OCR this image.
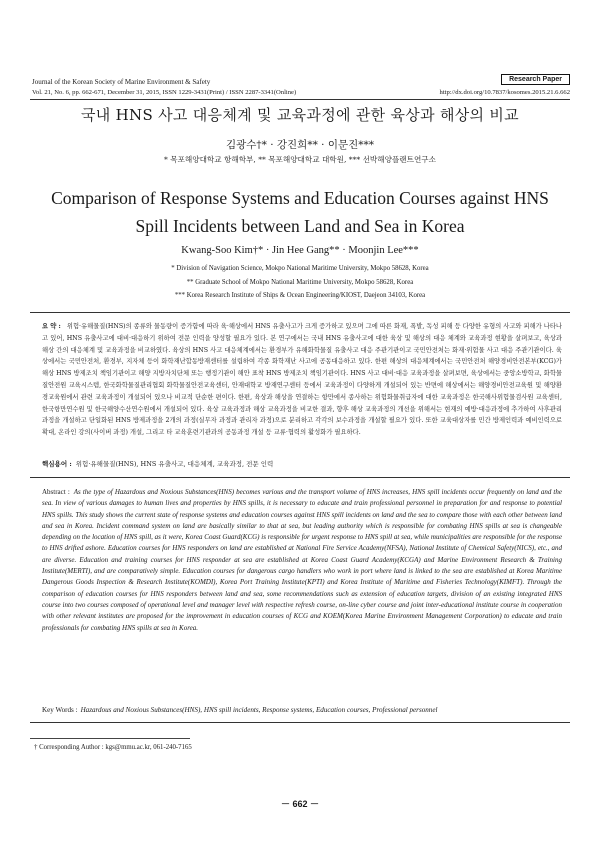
Journal of the Korean Society of Marine Environment & Safety
Vol. 21, No. 6, pp. 662-671, December 31, 2015, ISSN 1229-3431(Print) / ISSN 2287-3341(Online)
Research Paper
http://dx.doi.org/10.7837/kosomes.2015.21.6.662
국내 HNS 사고 대응체계 및 교육과정에 관한 육상과 해상의 비교
김광수†* · 강진희** · 이문진***
* 목포해양대학교 항해학부, ** 목포해양대학교 대학원, *** 선박해양플랜트연구소
Comparison of Response Systems and Education Courses against HNS
Spill Incidents between Land and Sea in Korea
Kwang-Soo Kim†* · Jin Hee Gang** · Moonjin Lee***
* Division of Navigation Science, Mokpo National Maritime University, Mokpo 58628, Korea
** Graduate School of Mokpo National Maritime University, Mokpo 58628, Korea
*** Korea Research Institute of Ships & Ocean Engineering/KIOST, Daejeon 34103, Korea
요 약 : 위험·유해물질(HNS)의 종류와 물동량이 증가함에 따라 육·해상에서 HNS 유출사고가 크게 증가하고 있으며 그에 따른 화재, 폭발, 독성 피해 등 다양한 유형의 사고와 피해가 나타나고 있어, HNS 유출사고에 대비·대응하기 위하여 전문 인력을 양성할 필요가 있다. 본 연구에서는 국내 HNS 유출사고에 대한 육상 및 해상의 대응 체계와 교육과정 현황을 살펴보고, 육상과 해상 간의 대응체계 및 교육과정을 비교하였다. 육상의 HNS 사고 대응체계에서는 환경부가 유해화학물질 유출사고 대응 주관기관이고 국민안전처는 화재·위험물 사고 대응 주관기관이다. 육상에서는 국민안전처, 환경부, 지자체 등이 화학재난합동방재센터를 설립하여 각종 화학재난 사고에 공동대응하고 있다. 한편 해상의 대응체계에서는 국민안전처 해양경비안전본부(KCG)가 해상 HNS 방제조치 책임기관이고 해양 지방자치단체 또는 행정기관이 해안 표착 HNS 방제조치 책임기관이다. HNS 사고 대비·대응 교육과정을 살펴보면, 육상에서는 중앙소방학교, 화학물질안전원 교육시스템, 한국화학물질관리협회 화학물질안전교육센터, 안재대학교 방재연구센터 등에서 교육과정이 다양하게 개설되어 있는 반면에 해상에서는 해양경비안전교육원 및 해양환경교육원에서 관련 교육과정이 개설되어 있으나 비교적 단순한 편이다. 한편, 육상과 해상을 연결하는 항만에서 종사하는 위험화물취급자에 대한 교육과정은 한국해사위험물검사원 교육센터, 한국항만연수원 및 한국해양수산연수원에서 개설되어 있다. 육상 교육과정과 해상 교육과정을 비교한 결과, 향후 해상 교육과정의 개선을 위해서는 현재의 예방·대응과정에 추가하여 사후관리과정을 개설하고 단일화된 HNS 방제과정을 2개의 과정(실무자 과정과 관리자 과정)으로 분리하고 각각의 보수과정을 개설할 필요가 있다. 또한 교육대상자를 민간 방제인력과 예비인력으로 확대, 온라인 강의(사이버 과정) 개설, 그리고 타 교육훈련기관과의 공동과정 개설 등 교류·협력의 활성화가 필요하다.
핵심용어 : 위험·유해물질(HNS), HNS 유출사고, 대응체계, 교육과정, 전문 인력
Abstract : As the type of Hazardous and Noxious Substances(HNS) becomes various and the transport volume of HNS increases, HNS spill incidents occur frequently on land and the sea. In view of various damages to human lives and properties by HNS spills, it is necessary to educate and train professional personnel in preparation for and response to potential HNS spills. This study shows the current state of response systems and education courses against HNS spill incidents on land and the sea to compare those with each other between land and sea in Korea. Incident command system on land are basically similar to that at sea, but leading authority which is responsible for combating HNS spills at sea is changeable depending on the location of HNS spill, as it were, Korea Coast Guard(KCG) is responsible for urgent response to HNS spill at sea, while municipalities are responsible for the response to HNS drifted ashore. Education courses for HNS responders on land are established at National Fire Service Academy(NFSA), National Institute of Chemical Safety(NICS), etc., and are diverse. Education and training courses for HNS responder at sea are established at Korea Coast Guard Academy(KCGA) and Marine Environment Research & Training Institute(MERTI), and are comparatively simple. Education courses for dangerous cargo handlers who work in port where land is linked to the sea are established at Korea Maritime Dangerous Goods Inspection & Research Institute(KOMDI), Korea Port Training Institute(KPTI) and Korea Institute of Maritime and Fisheries Technology(KIMFT). Through the comparison of education courses for HNS responders between land and sea, some recommendations such as extension of education targets, division of an existing integrated HNS course into two courses composed of operational level and manager level with respective refresh course, on-line cyber course and joint inter-educational institute course in cooperation with other relevant institutes are proposed for the improvement in education courses of KCG and KOEM(Korea Marine Environment Management Corporation) to educate and train professionals for combating HNS spills at sea in Korea.
Key Words : Hazardous and Noxious Substances(HNS), HNS spill incidents, Response systems, Education courses, Professional personnel
† Corresponding Author : kgs@mmu.ac.kr, 061-240-7165
－ 662 －
